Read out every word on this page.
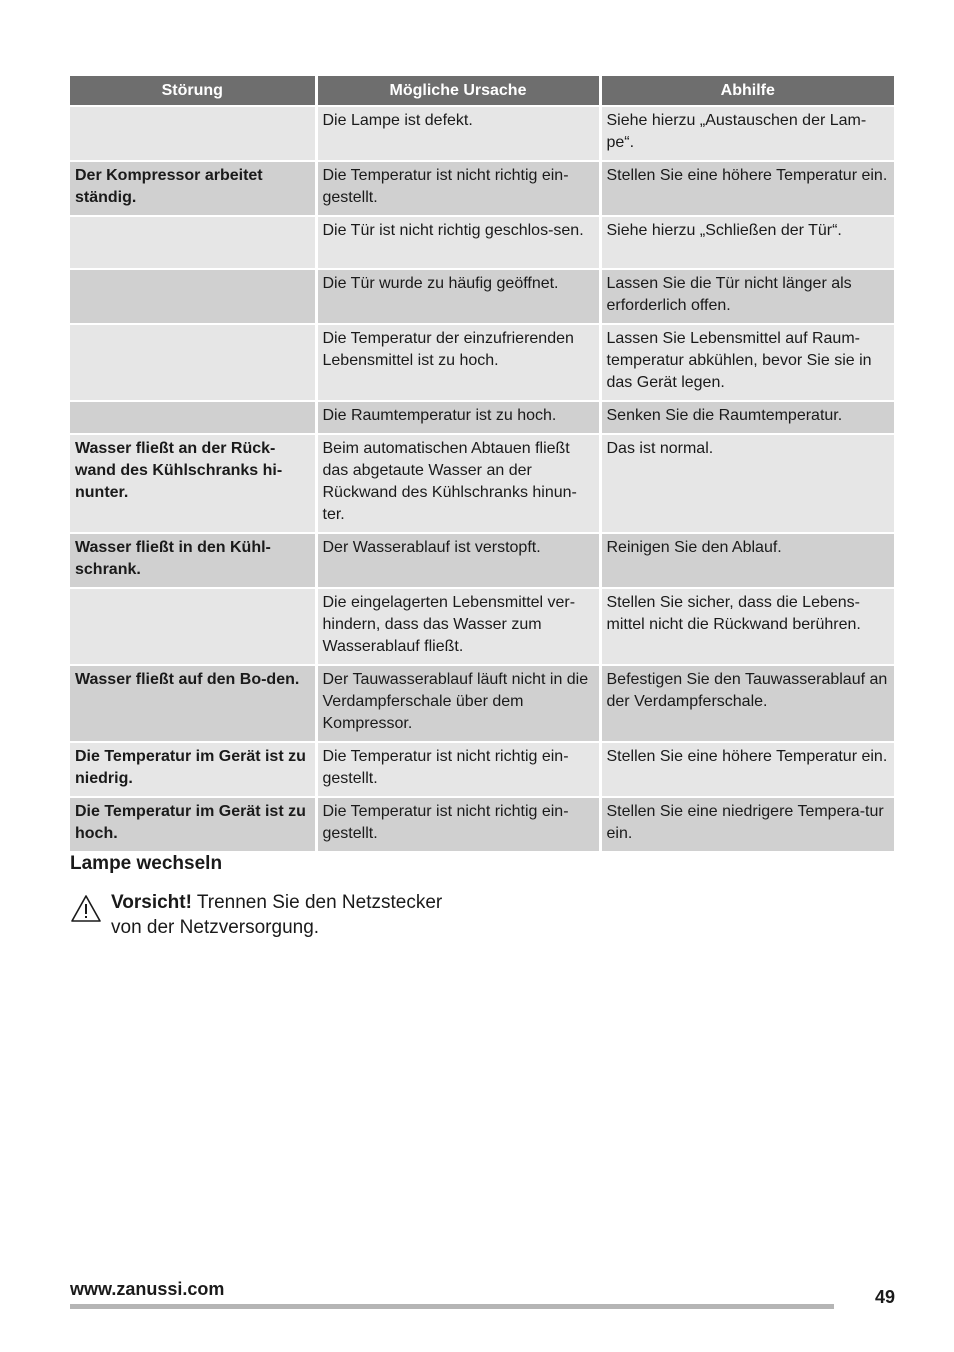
Störung	Mögliche Ursache	Abhilfe
	Die Lampe ist defekt.	Siehe hierzu „Austauschen der Lam-pe“.
Der Kompressor arbeitet ständig.	Die Temperatur ist nicht richtig ein-gestellt.	Stellen Sie eine höhere Temperatur ein.
	Die Tür ist nicht richtig geschlos-sen.	Siehe hierzu „Schließen der Tür“.
	Die Tür wurde zu häufig geöffnet.	Lassen Sie die Tür nicht länger als erforderlich offen.
	Die Temperatur der einzufrierenden Lebensmittel ist zu hoch.	Lassen Sie Lebensmittel auf Raum-temperatur abkühlen, bevor Sie sie in das Gerät legen.
	Die Raumtemperatur ist zu hoch.	Senken Sie die Raumtemperatur.
Wasser fließt an der Rück-wand des Kühlschranks hi-nunter.	Beim automatischen Abtauen fließt das abgetaute Wasser an der Rückwand des Kühlschranks hinun-ter.	Das ist normal.
Wasser fließt in den Kühl-schrank.	Der Wasserablauf ist verstopft.	Reinigen Sie den Ablauf.
	Die eingelagerten Lebensmittel ver-hindern, dass das Wasser zum Wasserablauf fließt.	Stellen Sie sicher, dass die Lebens-mittel nicht die Rückwand berühren.
Wasser fließt auf den Bo-den.	Der Tauwasserablauf läuft nicht in die Verdampferschale über dem Kompressor.	Befestigen Sie den Tauwasserablauf an der Verdampferschale.
Die Temperatur im Gerät ist zu niedrig.	Die Temperatur ist nicht richtig ein-gestellt.	Stellen Sie eine höhere Temperatur ein.
Die Temperatur im Gerät ist zu hoch.	Die Temperatur ist nicht richtig ein-gestellt.	Stellen Sie eine niedrigere Tempera-tur ein.
Lampe wechseln
Vorsicht! Trennen Sie den Netzstecker von der Netzversorgung.
www.zanussi.com	49
